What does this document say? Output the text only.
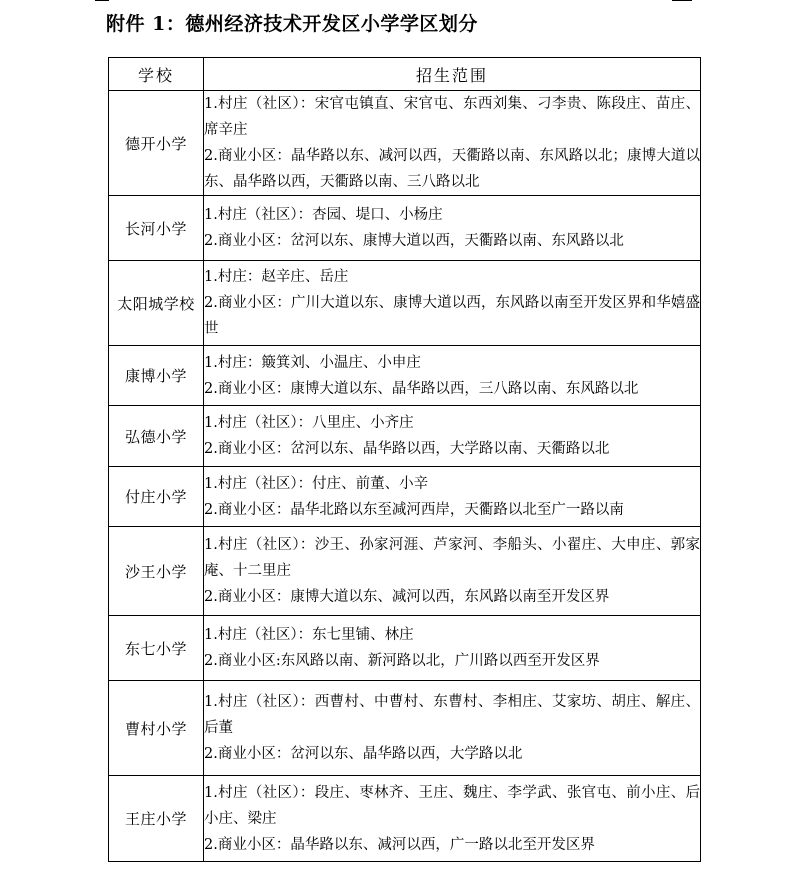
附件 1：德州经济技术开发区小学学区划分
学校	招生范围
德开小学	1.村庄（社区）：宋官屯镇直、宋官屯、东西刘集、刁李贵、陈段庄、苗庄、席辛庄
2.商业小区：晶华路以东、减河以西，天衢路以南、东风路以北；康博大道以东、晶华路以西，天衢路以南、三八路以北

长河小学	1.村庄（社区）：杏园、堤口、小杨庄
2.商业小区：岔河以东、康博大道以西，天衢路以南、东风路以北

太阳城学校	1.村庄：赵辛庄、岳庄
2.商业小区：广川大道以东、康博大道以西，东风路以南至开发区界和华嬉盛世

康博小学	1.村庄：簸箕刘、小温庄、小申庄
2.商业小区：康博大道以东、晶华路以西，三八路以南、东风路以北

弘德小学	1.村庄（社区）：八里庄、小齐庄
2.商业小区：岔河以东、晶华路以西，大学路以南、天衢路以北

付庄小学	1.村庄（社区）：付庄、前董、小辛
2.商业小区：晶华北路以东至减河西岸，天衢路以北至广一路以南

沙王小学	1.村庄（社区）：沙王、孙家河涯、芦家河、李船头、小翟庄、大申庄、郭家庵、十二里庄
2.商业小区：康博大道以东、减河以西，东风路以南至开发区界

东七小学	1.村庄（社区）：东七里铺、林庄
2.商业小区:东风路以南、新河路以北，广川路以西至开发区界

曹村小学	1.村庄（社区）：西曹村、中曹村、东曹村、李相庄、艾家坊、胡庄、解庄、后董
2.商业小区：岔河以东、晶华路以西，大学路以北

王庄小学	1.村庄（社区）：段庄、枣林齐、王庄、魏庄、李学武、张官屯、前小庄、后小庄、梁庄
2.商业小区：晶华路以东、减河以西，广一路以北至开发区界
